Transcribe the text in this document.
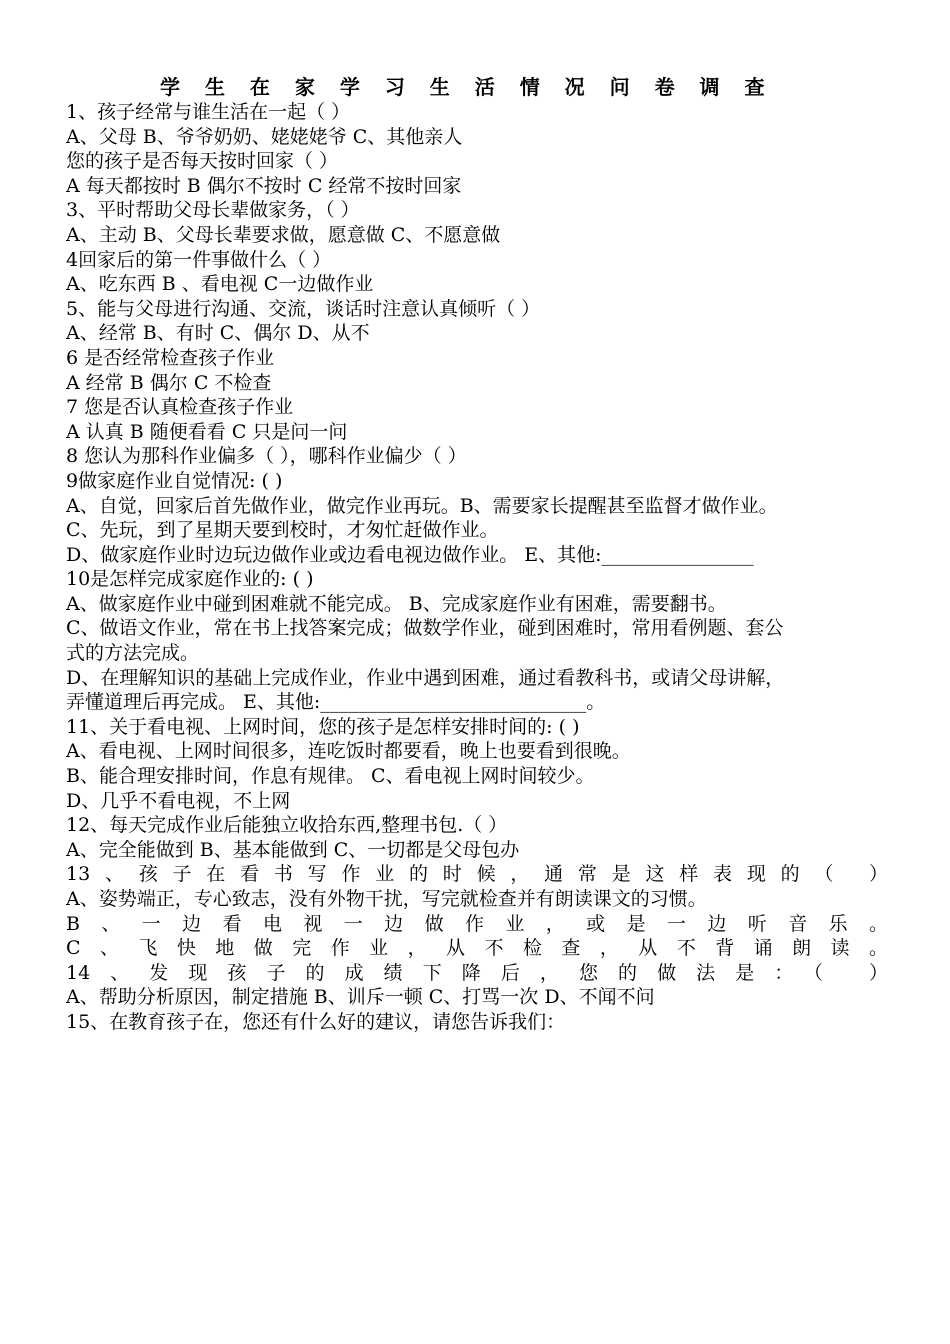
学 生 在 家 学 习 生 活 情 况 问 卷 调 查
1、孩子经常与谁生活在一起（ ）
A、父母 B、爷爷奶奶、姥姥姥爷 C、其他亲人
您的孩子是否每天按时回家（ ）
A 每天都按时 B 偶尔不按时 C 经常不按时回家
3、平时帮助父母长辈做家务，（ ）
A、主动 B、父母长辈要求做，愿意做 C、不愿意做
4回家后的第一件事做什么（ ）
A、吃东西 B 、看电视 C一边做作业
5、能与父母进行沟通、交流，谈话时注意认真倾听（ ）
A、经常 B、有时 C、偶尔 D、从不
6 是否经常检查孩子作业
A 经常 B 偶尔 C 不检查
7 您是否认真检查孩子作业
A 认真 B 随便看看 C 只是问一问
8 您认为那科作业偏多（ ），哪科作业偏少（ ）
9做家庭作业自觉情况: ( )
A、自觉，回家后首先做作业，做完作业再玩。B、需要家长提醒甚至监督才做作业。
C、先玩，到了星期天要到校时，才匆忙赶做作业。
D、做家庭作业时边玩边做作业或边看电视边做作业。 E、其他:________________
10是怎样完成家庭作业的: ( )
A、做家庭作业中碰到困难就不能完成。 B、完成家庭作业有困难，需要翻书。
C、做语文作业，常在书上找答案完成；做数学作业，碰到困难时，常用看例题、套公
式的方法完成。
D、在理解知识的基础上完成作业，作业中遇到困难，通过看教科书，或请父母讲解，
弄懂道理后再完成。 E、其他:____________________________。
11、关于看电视、上网时间，您的孩子是怎样安排时间的: ( )
A、看电视、上网时间很多，连吃饭时都要看，晚上也要看到很晚。
B、能合理安排时间，作息有规律。 C、看电视上网时间较少。
D、几乎不看电视，不上网
12、每天完成作业后能独立收拾东西,整理书包.（ ）
A、完全能做到 B、基本能做到 C、一切都是父母包办
13、孩子在看书写作业的时候，通常是这样表现的（ ）
A、姿势端正，专心致志，没有外物干扰，写完就检查并有朗读课文的习惯。
B、一边看电视一边做作业，或是一边听音乐。
C、飞快地做完作业，从不检查，从不背诵朗读。
14、发现孩子的成绩下降后，您的做法是：（ ）
A、帮助分析原因，制定措施 B、训斥一顿 C、打骂一次 D、不闻不问
15、在教育孩子在，您还有什么好的建议，请您告诉我们：
